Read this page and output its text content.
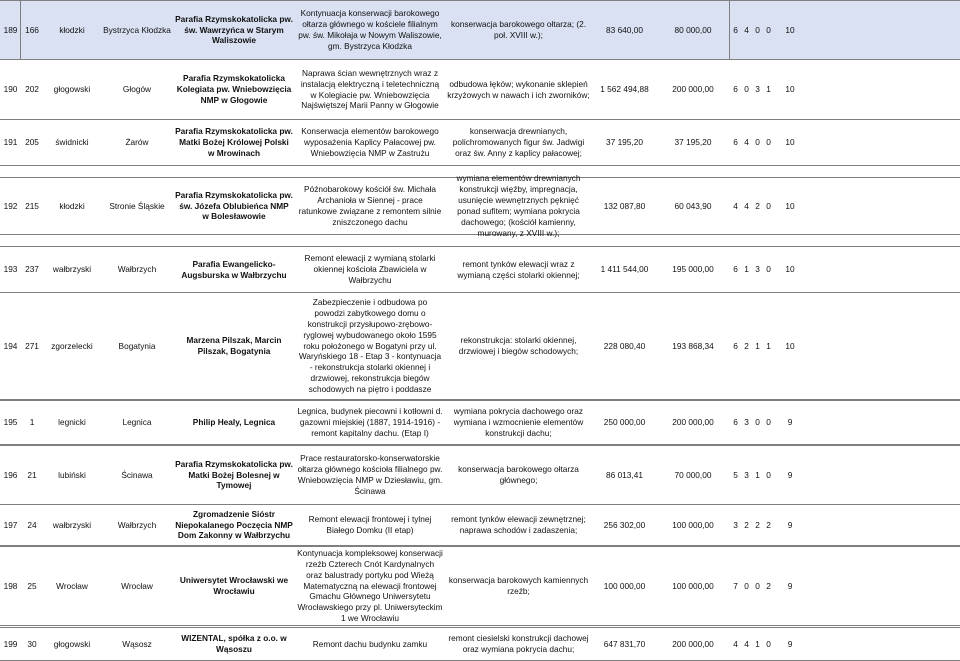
189 166	kłodzki	Bystrzyca Kłodzka
Parafia Rzymskokatolicka pw. św. Wawrzyńca w Starym Waliszowie
Kontynuacja konserwacji barokowego ołtarza głównego w kościele filialnym pw. św. Mikołaja w Nowym Waliszowie, gm. Bystrzyca Kłodzka
konserwacja barokowego ołtarza; (2. poł. XVIII w.);
83 640,00	80 000,00	6 4 0 0	10
190 202	głogowski	Głogów
Parafia Rzymskokatolicka Kolegiata pw. Wniebowzięcia NMP w Głogowie
Naprawa ścian wewnętrznych wraz z instalacją elektryczną i teletechniczną w Kolegiacie pw. Wniebowzięcia Najświętszej Marii Panny w Głogowie
odbudowa łęków; wykonanie sklepień krzyżowych w nawach i ich zworników;
1 562 494,88	200 000,00	6 0 3 1	10
191 205	świdnicki	Żarów
Parafia Rzymskokatolicka pw. Matki Bożej Królowej Polski w Mrowinach
Konserwacja elementów barokowego wyposażenia Kaplicy Pałacowej pw. Wniebowzięcia NMP w Zastrużu
konserwacja drewnianych, polichromowanych figur św. Jadwigi oraz św. Anny z kaplicy pałacowej;
37 195,20	37 195,20	6 4 0 0	10
192 215	kłodzki	Stronie Śląskie
Parafia Rzymskokatolicka pw. św. Józefa Oblubieńca NMP w Bolesławowie
Późnobarokowy kościół św. Michała Archanioła w Siennej - prace ratunkowe związane z remontem silnie zniszczonego dachu
wymiana elementów drewnianych konstrukcji więźby, impregnacja, usunięcie wewnętrznych pęknięć ponad sufitem; wymiana pokrycia dachowego; (kościół kamienny, murowany, z XVIII w.);
132 087,80	60 043,90	4 4 2 0	10
193 237	wałbrzyski	Wałbrzych
Parafia Ewangelicko-Augsburska w Wałbrzychu
Remont elewacji z wymianą stolarki okiennej kościoła Zbawiciela w Wałbrzychu
remont tynków elewacji wraz z wymianą części stolarki okiennej;
1 411 544,00	195 000,00	6 1 3 0	10
194 271	zgorzelecki	Bogatynia
Marzena Pilszak, Marcin Pilszak, Bogatynia
Zabezpieczenie i odbudowa po powodzi zabytkowego domu o konstrukcji przysłupowo-zrębowo-ryglowej wybudowanego około 1595 roku położonego w Bogatyni przy ul. Waryńskiego 18 - Etap 3 - kontynuacja - rekonstrukcja stolarki okiennej i drzwiowej, rekonstrukcja biegów schodowych na piętro i poddasze
rekonstrukcja: stolarki okiennej, drzwiowej i biegów schodowych;
228 080,40	193 868,34	6 2 1 1	10
195	1	legnicki	Legnica	Philip Healy, Legnica
Legnica, budynek piecowni i kotłowni d. gazowni miejskiej (1887, 1914-1916) - remont kapitalny dachu. (Etap I)
wymiana pokrycia dachowego oraz wymiana i wzmocnienie elementów konstrukcji dachu;
250 000,00	200 000,00	6 3 0 0	9
196	21	lubiński	Ścinawa
Parafia Rzymskokatolicka pw. Matki Bożej Bolesnej w Tymowej
Prace restauratorsko-konserwatorskie ołtarza głównego kościoła filialnego pw. Wniebowzięcia NMP w Dziesławiu, gm. Ścinawa
konserwacja barokowego ołtarza głównego;
86 013,41	70 000,00	5 3 1 0	9
197	24	wałbrzyski	Wałbrzych
Zgromadzenie Sióstr Niepokalanego Poczęcia NMP Dom Zakonny w Wałbrzychu
Remont elewacji frontowej i tylnej Białego Domku (II etap)
remont tynków elewacji zewnętrznej; naprawa schodów i zadaszenia;
256 302,00	100 000,00	3 2 2 2	9
198	25	Wrocław	Wrocław
Uniwersytet Wrocławski we Wrocławiu
Kontynuacja kompleksowej konserwacji rzeźb Czterech Cnót Kardynalnych oraz balustrady portyku pod Wieżą Matematyczną na elewacji frontowej Gmachu Głównego Uniwersytetu Wrocławskiego przy pl. Uniwersyteckim 1 we Wrocławiu
konserwacja barokowych kamiennych rzeźb;
100 000,00	100 000,00	7 0 0 2	9
199	30	głogowski	Wąsosz
WIZENTAL, spółka z o.o. w Wąsoszu
Remont dachu budynku zamku
remont ciesielski konstrukcji dachowej oraz wymiana pokrycia dachu;
647 831,70	200 000,00	4 4 1 0	9
